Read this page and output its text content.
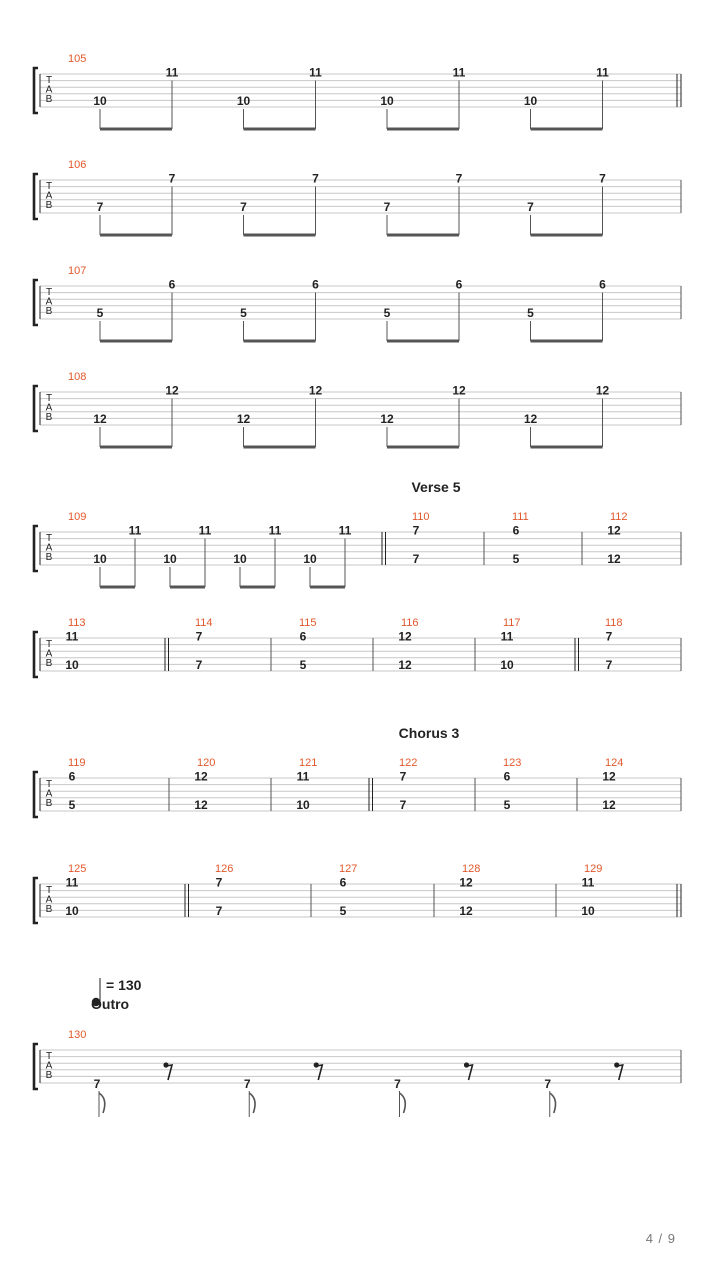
T
A
B
105
10
11
10
11
10
11
10
11
T
A
B
106
7
7
7
7
7
7
7
7
T
A
B
107
5
6
5
6
5
6
5
6
T
A
B
108
12
12
12
12
12
12
12
12
T
A
B
Verse 5
109
10
11
10
11
10
11
10
11
110
7
7
111
6
5
112
12
12
T
A
B
113
11
10
114
7
7
115
6
5
116
12
12
117
11
10
118
7
7
T
A
B
Chorus 3
119
6
5
120
12
12
121
11
10
122
7
7
123
6
5
124
12
12
T
A
B
125
11
10
126
7
7
127
6
5
128
12
12
129
11
10
T
A
B
= 130
Outro
130
7	7	7	7
4 / 9
